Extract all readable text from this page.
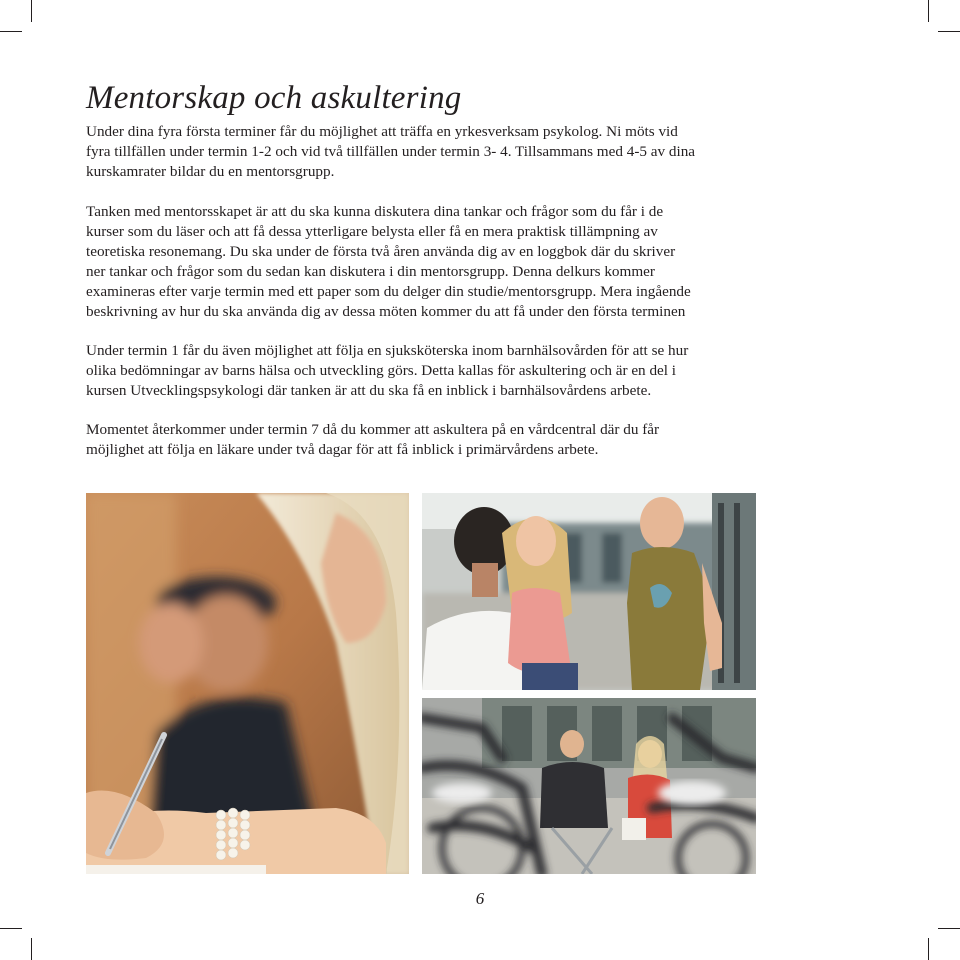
Mentorskap och askultering

Under dina fyra första terminer får du möjlighet att träffa en yrkesverksam psykolog. Ni möts vid
fyra tillfällen under termin 1-2 och vid två tillfällen under termin 3- 4. Tillsammans med 4-5 av dina
kurskamrater bildar du en mentorsgrupp.

Tanken med mentorsskapet är att du ska kunna diskutera dina tankar och frågor som du får i de
kurser som du läser och att få dessa ytterligare belysta eller få en mera praktisk tillämpning av
teoretiska resonemang. Du ska under de första två åren använda dig av en loggbok där du skriver
ner tankar och frågor som du sedan kan diskutera i din mentorsgrupp. Denna delkurs kommer
examineras efter varje termin med ett paper som du delger din studie/mentorsgrupp. Mera ingående
beskrivning av hur du ska använda dig av dessa möten kommer du att få under den första terminen

Under termin 1 får du även möjlighet att följa en sjuksköterska inom barnhälsovården för att se hur
olika bedömningar av barns hälsa och utveckling görs. Detta kallas för askultering och är en del i
kursen Utvecklingspsykologi där tanken är att du ska få en inblick i barnhälsovårdens arbete.

Momentet återkommer under termin 7 då du kommer att askultera på en vårdcentral där du får
möjlighet att följa en läkare under två dagar för att få inblick i primärvårdens arbete.

6
